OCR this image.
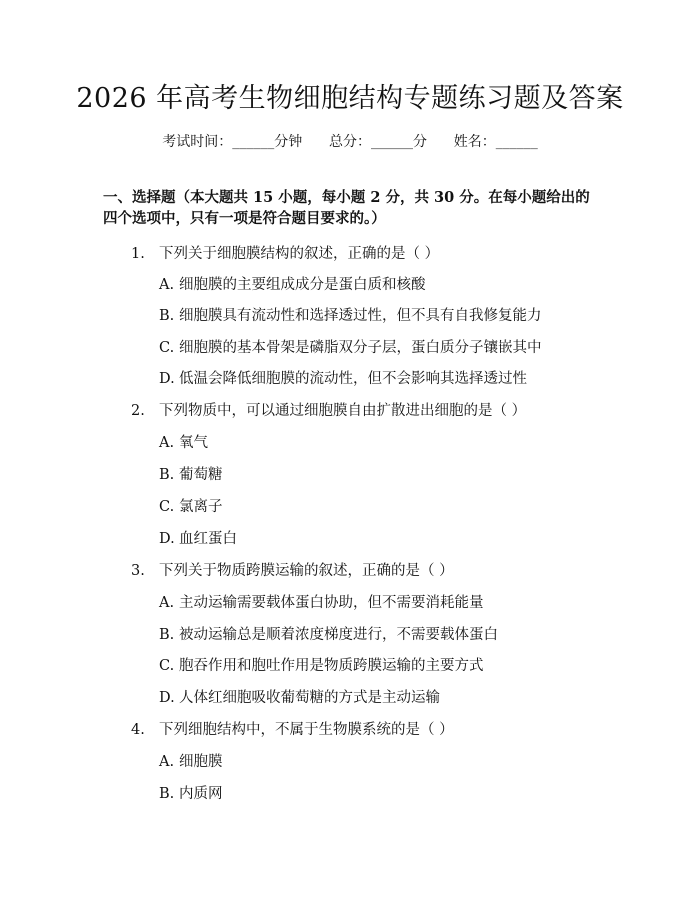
2026 年高考生物细胞结构专题练习题及答案
考试时间：______分钟      总分：______分      姓名：______
一、选择题（本大题共 15 小题，每小题 2 分，共 30 分。在每小题给出的四个选项中，只有一项是符合题目要求的。）
1. 下列关于细胞膜结构的叙述，正确的是（ ）
A. 细胞膜的主要组成成分是蛋白质和核酸
B. 细胞膜具有流动性和选择透过性，但不具有自我修复能力
C. 细胞膜的基本骨架是磷脂双分子层，蛋白质分子镶嵌其中
D. 低温会降低细胞膜的流动性，但不会影响其选择透过性
2. 下列物质中，可以通过细胞膜自由扩散进出细胞的是（ ）
A. 氧气
B. 葡萄糖
C. 氯离子
D. 血红蛋白
3. 下列关于物质跨膜运输的叙述，正确的是（ ）
A. 主动运输需要载体蛋白协助，但不需要消耗能量
B. 被动运输总是顺着浓度梯度进行，不需要载体蛋白
C. 胞吞作用和胞吐作用是物质跨膜运输的主要方式
D. 人体红细胞吸收葡萄糖的方式是主动运输
4. 下列细胞结构中，不属于生物膜系统的是（ ）
A. 细胞膜
B. 内质网
